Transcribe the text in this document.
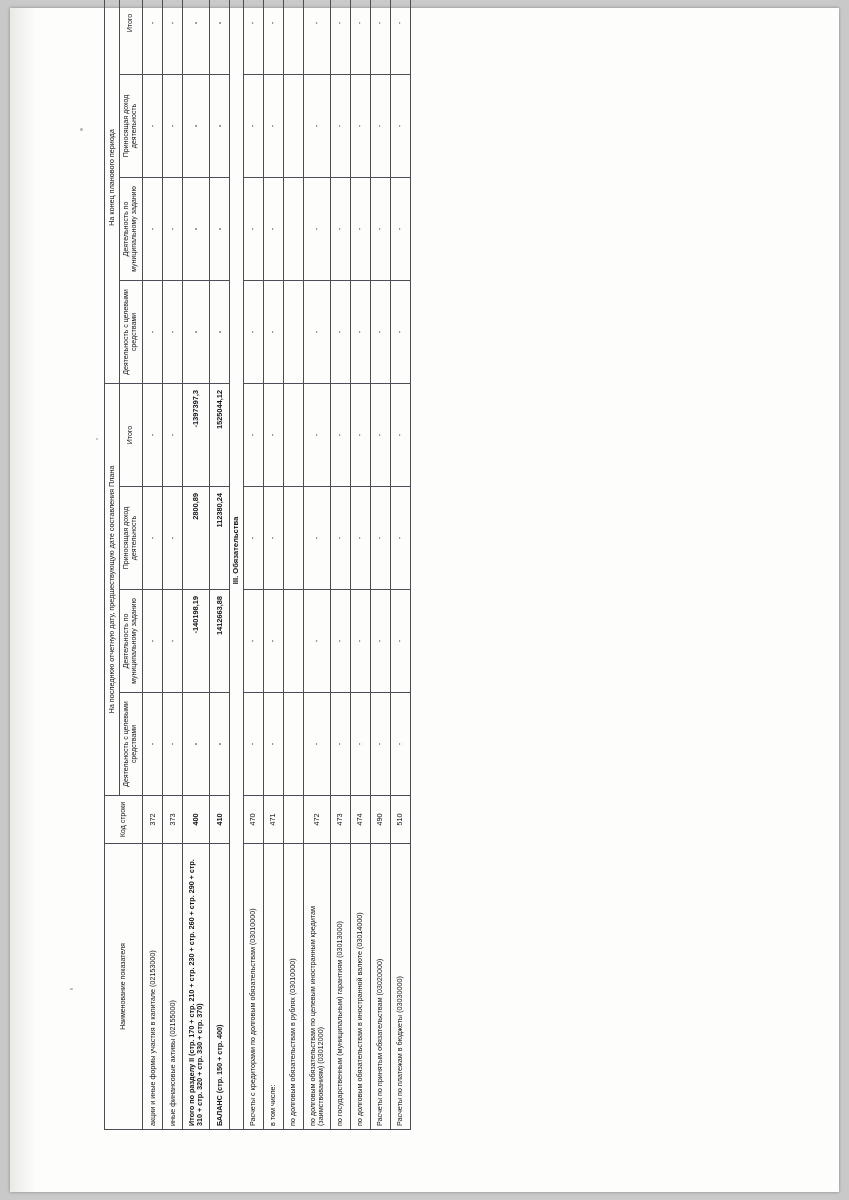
Наименование показателя	Код строки	На последнюю отчетную дату, предшествующую дате составления Плана				На конец планового периода			
		Деятельность с целевыми средствами	Деятельность по муниципальному заданию	Приносящая доход деятельность	Итого	Деятельность с целевыми средствами	Деятельность по муниципальному заданию	Приносящая доход деятельность	Итого
акции и иные формы участия в капитале (02153000)	372	-	-	-	-	-	-	-	-
иные финансовые активы (02155000)	373	-	-	-	-	-	-	-	-
Итого по разделу II (стр. 170 + стр. 210 + стр. 230 + стр. 260 + стр. 290 + стр. 310 + стр. 320 + стр. 330 + стр. 370)	400	-	-140198,19	2800,89	-1397397,3	-	-	-	-
БАЛАНС (стр. 150 + стр. 400)	410	-	1412663,88	112380,24	1525044,12	-	-	-	-
III. Обязательства									
Расчеты с кредиторами по долговым обязательствам (03010000)	470	-	-	-	-	-	-	-	-
в том числе:	471	-	-	-	-	-	-	-	-
по долговым обязательствам в рублях (03010000)									
по долговым обязательствам по целевым иностранным кредитам (заимствованиям) (03012000)	472	-	-	-	-	-	-	-	-
по государственным (муниципальным) гарантиям (03013000)	473	-	-	-	-	-	-	-	-
по долговым обязательствам в иностранной валюте (03014000)	474	-	-	-	-	-	-	-	-
Расчеты по принятым обязательствам (03020000)	490	-	-	-	-	-	-	-	-
Расчеты по платежам в бюджеты (03030000)	510	-	-	-	-	-	-	-	-
